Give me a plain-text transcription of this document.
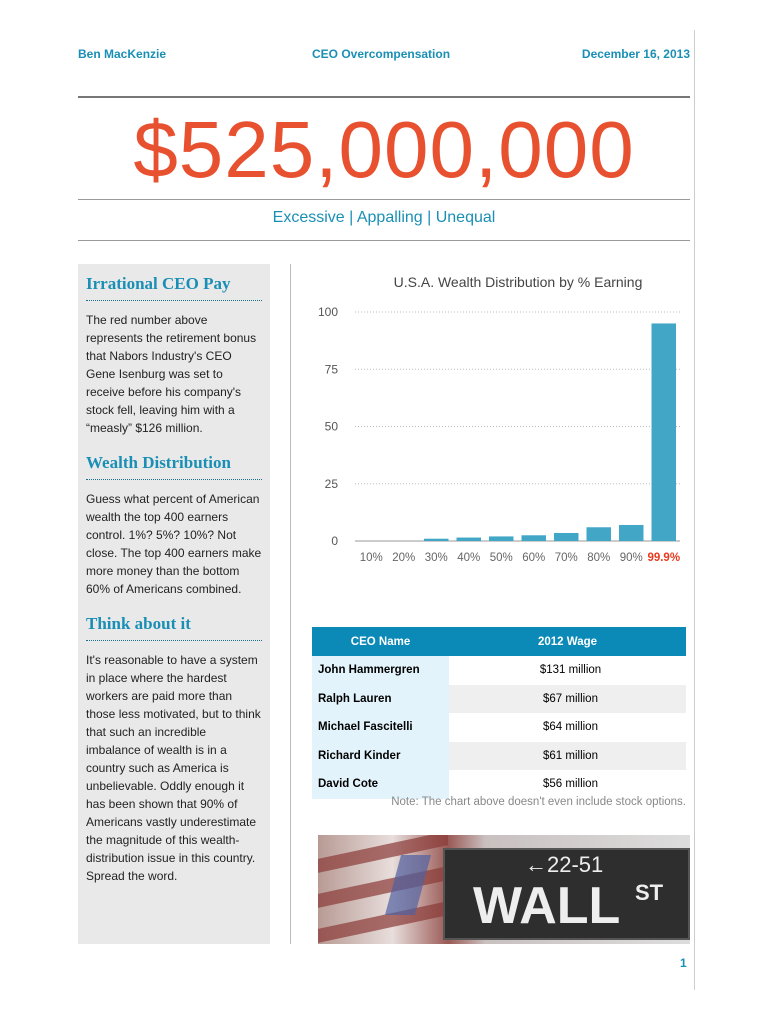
Ben MacKenzie	CEO Overcompensation	December 16, 2013
$525,000,000
Excessive | Appalling | Unequal
Irrational CEO Pay

The red number above represents the retirement bonus that Nabors Industry's CEO Gene Isenburg was set to receive before his company's stock fell, leaving him with a “measly” $126 million.

Wealth Distribution

Guess what percent of American wealth the top 400 earners control. 1%? 5%? 10%? Not close. The top 400 earners make more money than the bottom 60% of Americans combined.

Think about it

It's reasonable to have a system in place where the hardest workers are paid more than those less motivated, but to think that such an incredible imbalance of wealth is in a country such as America is unbelievable. Oddly enough it has been shown that 90% of Americans vastly underestimate the magnitude of this wealth-distribution issue in this country. Spread the word.

U.S.A. Wealth Distribution by % Earning
0
25
50
75
100
10% 20% 30% 40% 50% 60% 70% 80% 90% 99.9%
CEO Name	2012 Wage
John Hammergren	$131 million
Ralph Lauren	$67 million
Michael Fascitelli	$64 million
Richard Kinder	$61 million
David Cote	$56 million
Note: The chart above doesn't even include stock options.
←22-51
WALL ST
1
